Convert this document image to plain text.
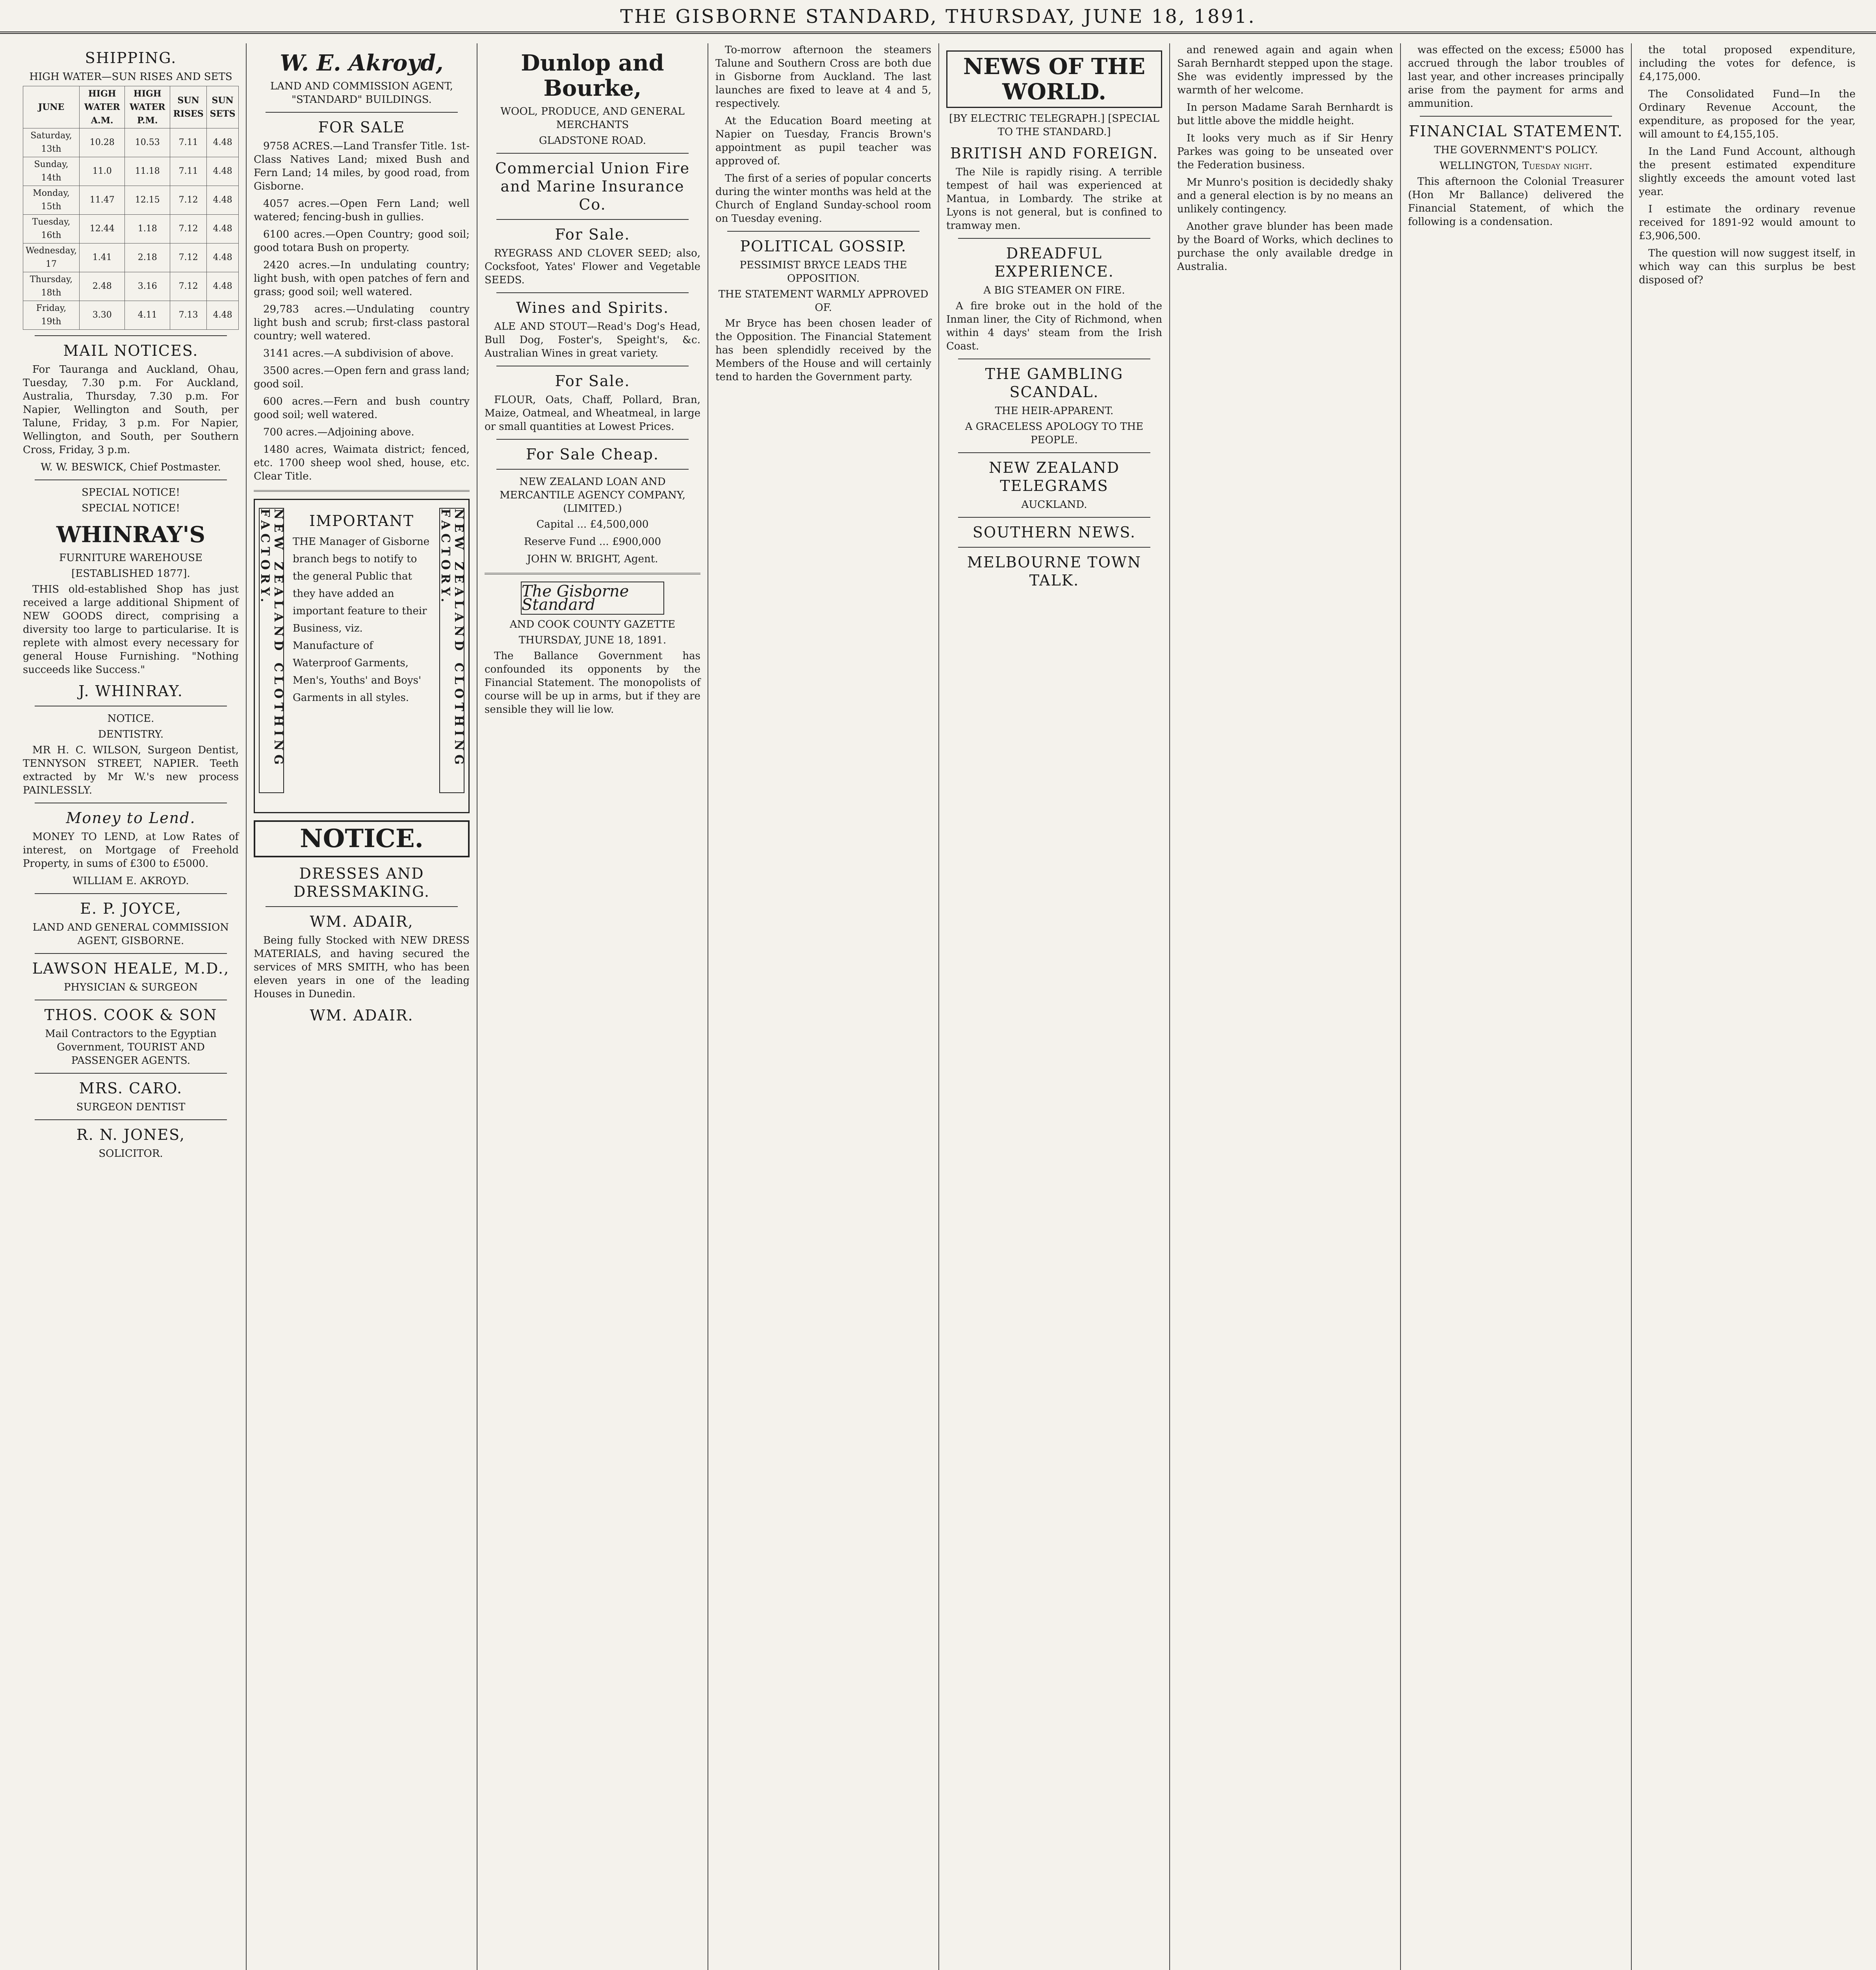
THE GISBORNE STANDARD, THURSDAY, JUNE 18, 1891.
SHIPPING.
HIGH WATER—SUN RISES AND SETS
JUNE	HIGH WATER A.M.	HIGH WATER P.M.	SUN RISES	SUN SETS
Saturday, 13th	10.28	10.53	7.11	4.48
Sunday, 14th	11.0	11.18	7.11	4.48
Monday, 15th	11.47	12.15	7.12	4.48
Tuesday, 16th	12.44	1.18	7.12	4.48
Wednesday, 17	1.41	2.18	7.12	4.48
Thursday, 18th	2.48	3.16	7.12	4.48
Friday, 19th	3.30	4.11	7.13	4.48
MAIL NOTICES.

For Tauranga and Auckland, Ohau, Tuesday, 7.30 p.m. For Auckland, Australia, Thursday, 7.30 p.m. For Napier, Wellington and South, per Talune, Friday, 3 p.m. For Napier, Wellington, and South, per Southern Cross, Friday, 3 p.m.

W. W. BESWICK, Chief Postmaster.

SPECIAL NOTICE!
SPECIAL NOTICE!
WHINRAY'S
FURNITURE WAREHOUSE
[ESTABLISHED 1877].

THIS old-established Shop has just received a large additional Shipment of NEW GOODS direct, comprising a diversity too large to particularise. It is replete with almost every necessary for general House Furnishing. "Nothing succeeds like Success."

J. WHINRAY.
NOTICE.
DENTISTRY.

MR H. C. WILSON, Surgeon Dentist, TENNYSON STREET, NAPIER. Teeth extracted by Mr W.'s new process PAINLESSLY.

Money to Lend.

MONEY TO LEND, at Low Rates of interest, on Mortgage of Freehold Property, in sums of £300 to £5000.

WILLIAM E. AKROYD.

E. P. JOYCE,

LAND AND GENERAL COMMISSION AGENT, GISBORNE.

LAWSON HEALE, M.D.,
PHYSICIAN & SURGEON
THOS. COOK & SON

Mail Contractors to the Egyptian Government, TOURIST AND PASSENGER AGENTS.

MRS. CARO.
SURGEON DENTIST
R. N. JONES,
SOLICITOR.
W. E. Akroyd,
LAND AND COMMISSION AGENT, "STANDARD" BUILDINGS.
FOR SALE

9758 ACRES.—Land Transfer Title. 1st-Class Natives Land; mixed Bush and Fern Land; 14 miles, by good road, from Gisborne.

4057 acres.—Open Fern Land; well watered; fencing-bush in gullies.

6100 acres.—Open Country; good soil; good totara Bush on property.

2420 acres.—In undulating country; light bush, with open patches of fern and grass; good soil; well watered.

29,783 acres.—Undulating country light bush and scrub; first-class pastoral country; well watered.

3141 acres.—A subdivision of above.

3500 acres.—Open fern and grass land; good soil.

600 acres.—Fern and bush country good soil; well watered.

700 acres.—Adjoining above.

1480 acres, Waimata district; fenced, etc. 1700 sheep wool shed, house, etc. Clear Title.

IMPORTANT
NEW ZEALAND CLOTHING FACTORY.	NEW ZEALAND CLOTHING FACTORY.
THE Manager of Gisborne branch begs to notify to the general Public that they have added an important feature to their Business, viz. Manufacture of Waterproof Garments, Men's, Youths' and Boys' Garments in all styles.
NOTICE.
DRESSES AND DRESSMAKING.
WM. ADAIR,

Being fully Stocked with NEW DRESS MATERIALS, and having secured the services of MRS SMITH, who has been eleven years in one of the leading Houses in Dunedin.

WM. ADAIR.
Dunlop and Bourke,
WOOL, PRODUCE, AND GENERAL MERCHANTS
GLADSTONE ROAD.
Commercial Union Fire and Marine Insurance Co.
For Sale.

RYEGRASS AND CLOVER SEED; also, Cocksfoot, Yates' Flower and Vegetable SEEDS.

Wines and Spirits.

ALE AND STOUT—Read's Dog's Head, Bull Dog, Foster's, Speight's, &c. Australian Wines in great variety.

For Sale.

FLOUR, Oats, Chaff, Pollard, Bran, Maize, Oatmeal, and Wheatmeal, in large or small quantities at Lowest Prices.

For Sale Cheap.
NEW ZEALAND LOAN AND MERCANTILE AGENCY COMPANY, (LIMITED.)

Capital ... £4,500,000

Reserve Fund ... £900,000

JOHN W. BRIGHT, Agent.

The Gisborne Standard
AND COOK COUNTY GAZETTE
THURSDAY, JUNE 18, 1891.

The Ballance Government has confounded its opponents by the Financial Statement. The monopolists of course will be up in arms, but if they are sensible they will lie low.

To-morrow afternoon the steamers Talune and Southern Cross are both due in Gisborne from Auckland. The last launches are fixed to leave at 4 and 5, respectively.

At the Education Board meeting at Napier on Tuesday, Francis Brown's appointment as pupil teacher was approved of.

The first of a series of popular concerts during the winter months was held at the Church of England Sunday-school room on Tuesday evening.

POLITICAL GOSSIP.
PESSIMIST BRYCE LEADS THE OPPOSITION.
THE STATEMENT WARMLY APPROVED OF.

Mr Bryce has been chosen leader of the Opposition. The Financial Statement has been splendidly received by the Members of the House and will certainly tend to harden the Government party.

NEWS OF THE WORLD.
[BY ELECTRIC TELEGRAPH.] [SPECIAL TO THE STANDARD.]
BRITISH AND FOREIGN.

The Nile is rapidly rising. A terrible tempest of hail was experienced at Mantua, in Lombardy. The strike at Lyons is not general, but is confined to tramway men.

DREADFUL EXPERIENCE.
A BIG STEAMER ON FIRE.

A fire broke out in the hold of the Inman liner, the City of Richmond, when within 4 days' steam from the Irish Coast.

THE GAMBLING SCANDAL.
THE HEIR-APPARENT.
A GRACELESS APOLOGY TO THE PEOPLE.
NEW ZEALAND TELEGRAMS
AUCKLAND.
SOUTHERN NEWS.
MELBOURNE TOWN TALK.

and renewed again and again when Sarah Bernhardt stepped upon the stage. She was evidently impressed by the warmth of her welcome.

In person Madame Sarah Bernhardt is but little above the middle height.

It looks very much as if Sir Henry Parkes was going to be unseated over the Federation business.

Mr Munro's position is decidedly shaky and a general election is by no means an unlikely contingency.

Another grave blunder has been made by the Board of Works, which declines to purchase the only available dredge in Australia.

was effected on the excess; £5000 has accrued through the labor troubles of last year, and other increases principally arise from the payment for arms and ammunition.

FINANCIAL STATEMENT.
THE GOVERNMENT'S POLICY.
WELLINGTON, Tuesday night.

This afternoon the Colonial Treasurer (Hon Mr Ballance) delivered the Financial Statement, of which the following is a condensation.

the total proposed expenditure, including the votes for defence, is £4,175,000.

The Consolidated Fund—In the Ordinary Revenue Account, the expenditure, as proposed for the year, will amount to £4,155,105.

In the Land Fund Account, although the present estimated expenditure slightly exceeds the amount voted last year.

I estimate the ordinary revenue received for 1891-92 would amount to £3,906,500.

The question will now suggest itself, in which way can this surplus be best disposed of?
